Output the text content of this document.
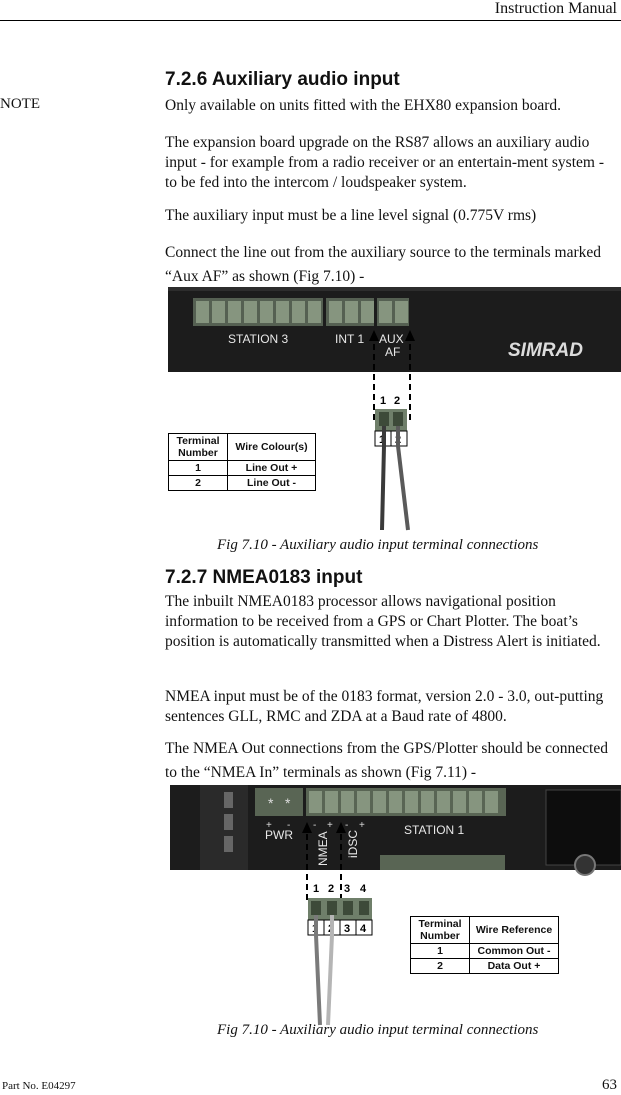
Instruction Manual
7.2.6 Auxiliary audio input
NOTE	Only available on units fitted with the EHX80 expansion board.
The expansion board upgrade on the RS87 allows an auxiliary audio input - for example from a radio receiver or an entertain-ment system - to be fed into the intercom / loudspeaker system.
The auxiliary input must be a line level signal (0.775V rms)
Connect the line out from the auxiliary source to the terminals marked “Aux AF” as shown (Fig 7.10) -
STATION 3	INT 1 AUX
AF	SIMRAD
1 2
1 2
Terminal Number	Wire Colour(s)
1	Line Out +
2	Line Out -
Fig 7.10 - Auxiliary audio input terminal connections
7.2.7 NMEA0183 input
The inbuilt NMEA0183 processor allows navigational position information to be received from a GPS or Chart Plotter. The boat’s position is automatically transmitted when a Distress Alert is initiated.
NMEA input must be of the 0183 format, version 2.0 - 3.0, out-putting sentences GLL, RMC and ZDA at a Baud rate of 4800.
The NMEA Out connections from the GPS/Plotter should be connected to the “NMEA In” terminals as shown (Fig 7.11) -
* *
+ - - + - +
PWR	STATION 1
NMEA iDSC
1 2 3 4
1 2 3 4	Terminal Number	Wire Reference
1	Common Out -
2	Data Out +
Fig 7.10 - Auxiliary audio input terminal connections
Part No. E04297	63
